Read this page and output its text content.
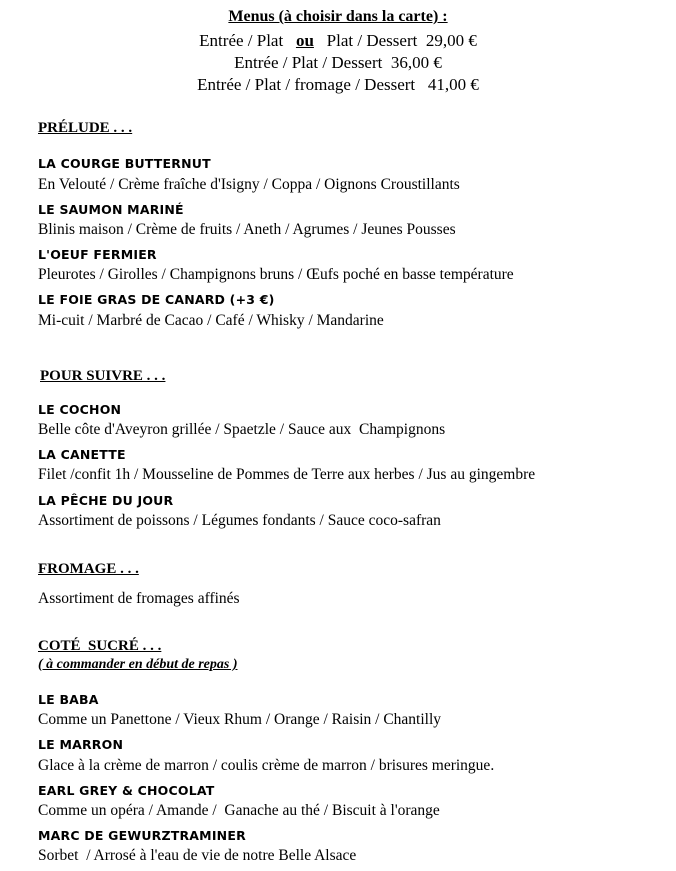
Menus (à choisir dans la carte) :
Entrée / Plat ou Plat / Dessert 29,00 €
Entrée / Plat / Dessert 36,00 €
Entrée / Plat / fromage / Dessert 41,00 €
PRÉLUDE . . .
LA COURGE BUTTERNUT
En Velouté / Crème fraîche d'Isigny / Coppa / Oignons Croustillants
LE SAUMON MARINÉ
Blinis maison / Crème de fruits / Aneth / Agrumes / Jeunes Pousses
L'OEUF FERMIER
Pleurotes / Girolles / Champignons bruns / Œufs poché en basse température
LE FOIE GRAS DE CANARD (+3 €)
Mi-cuit / Marbré de Cacao / Café / Whisky / Mandarine
POUR SUIVRE . . .
LE COCHON
Belle côte d'Aveyron grillée / Spaetzle / Sauce aux  Champignons
LA CANETTE
Filet /confit 1h / Mousseline de Pommes de Terre aux herbes / Jus au gingembre
LA PÊCHE DU JOUR
Assortiment de poissons / Légumes fondants / Sauce coco-safran
FROMAGE . . .
Assortiment de fromages affinés
COTÉ  SUCRÉ . . .
( à commander en début de repas )
LE BABA
Comme un Panettone / Vieux Rhum / Orange / Raisin / Chantilly
LE MARRON
Glace à la crème de marron / coulis crème de marron / brisures meringue.
EARL GREY & CHOCOLAT
Comme un opéra / Amande /  Ganache au thé / Biscuit à l'orange
MARC DE GEWURZTRAMINER
Sorbet  / Arrosé à l'eau de vie de notre Belle Alsace
